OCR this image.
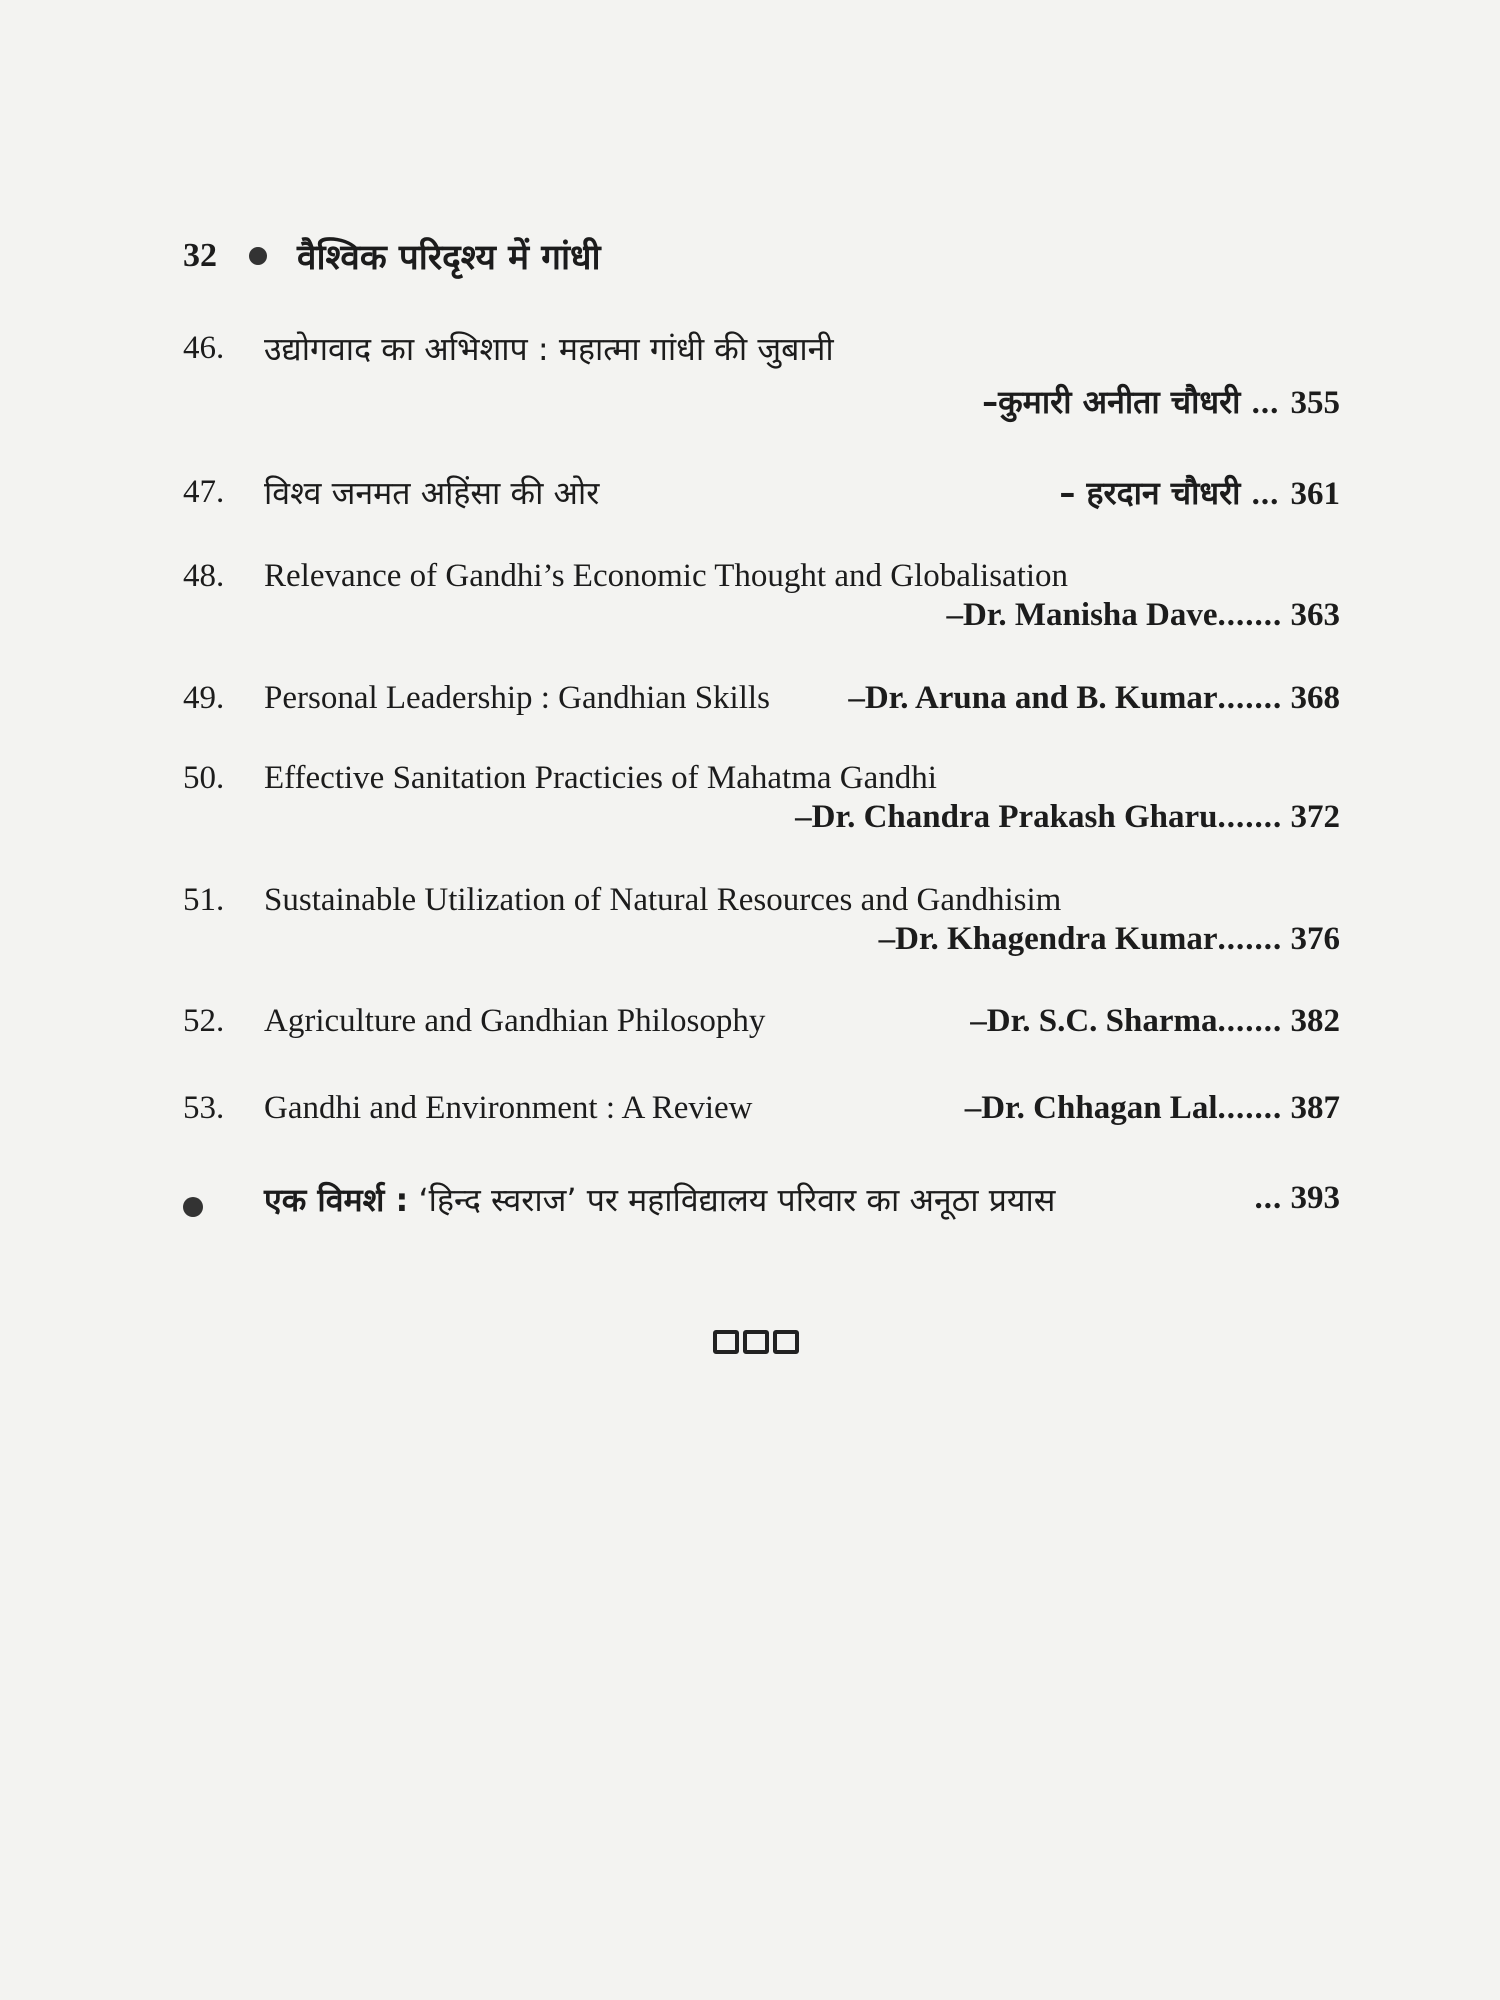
32 वैश्विक परिदृश्य में गांधी
46. उद्योगवाद का अभिशाप : महात्मा गांधी की जुबानी
–कुमारी अनीता चौधरी ... 355
47. विश्व जनमत अहिंसा की ओर	– हरदान चौधरी ... 361
48. Relevance of Gandhi’s Economic Thought and Globalisation
–Dr. Manisha Dave....... 363
49. Personal Leadership : Gandhian Skills –Dr. Aruna and B. Kumar....... 368
50. Effective Sanitation Practicies of Mahatma Gandhi
–Dr. Chandra Prakash Gharu....... 372
51. Sustainable Utilization of Natural Resources and Gandhisim
–Dr. Khagendra Kumar....... 376
52. Agriculture and Gandhian Philosophy	–Dr. S.C. Sharma....... 382
53. Gandhi and Environment : A Review	–Dr. Chhagan Lal....... 387
एक विमर्श : ‘हिन्द स्वराज’ पर महाविद्यालय परिवार का अनूठा प्रयास	... 393
